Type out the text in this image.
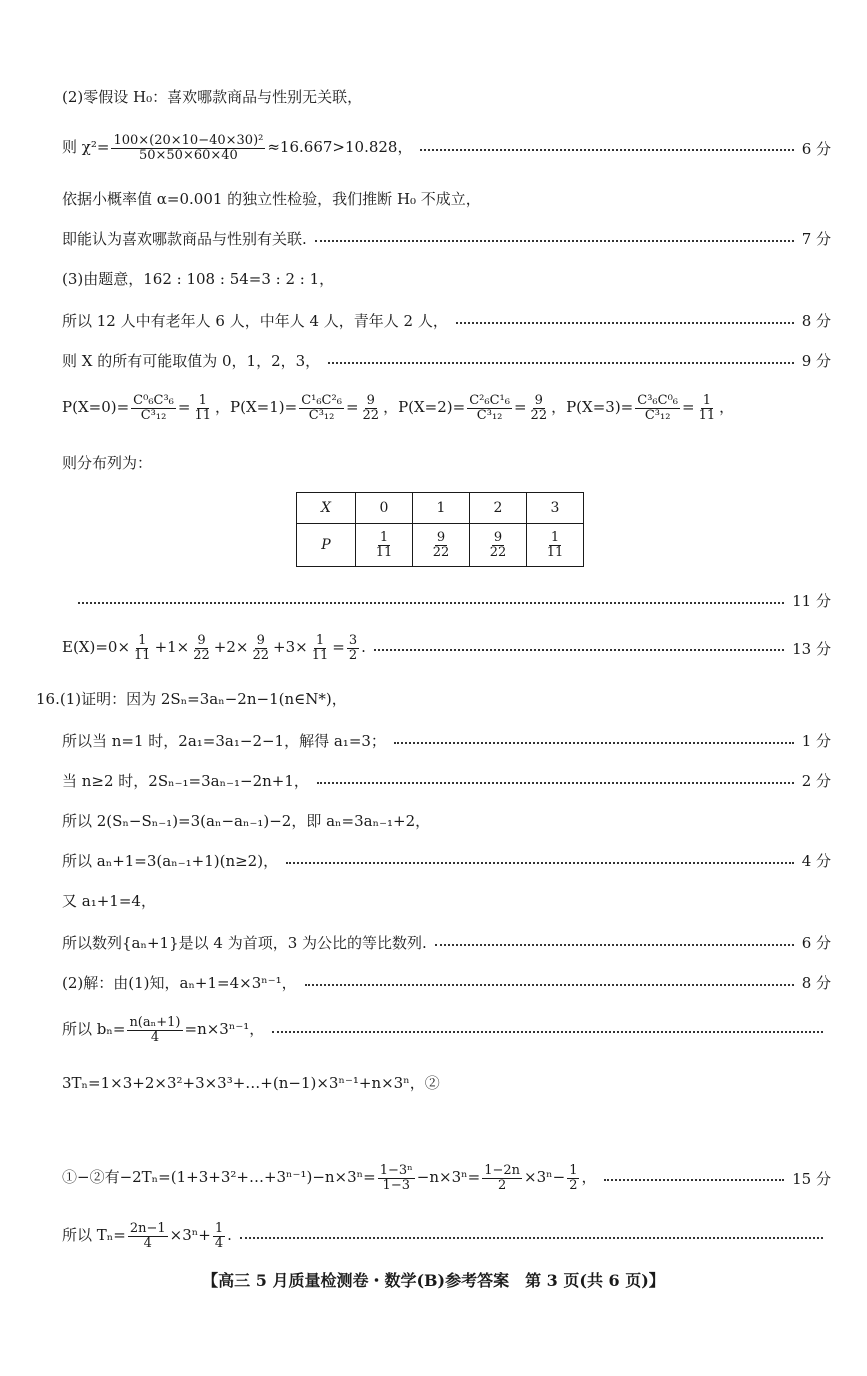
(2)零假设 H₀：喜欢哪款商品与性别无关联，
则 $\chi^2= \frac{\text{100×(20×10−40×30)²}}{50\times 50\times 60\times 40} \approx 16.667>10.828$，	6 分
依据小概率值 α=0.001 的独立性检验，我们推断 H₀ 不成立，
即能认为喜欢哪款商品与性别有关联.	7 分
(3)由题意，162 : 108 : 54=3 : 2 : 1，
所以 12 人中有老年人 6 人，中年人 4 人，青年人 2 人，	8 分
则 X 的所有可能取值为 0，1，2，3，	9 分
$P(X=0)= \frac{\text{C⁰₆C³₆}}{\text{C³₁₂}} = \frac{1}{11}$ ，$P(X=1)= \frac{\text{C¹₆C²₆}}{\text{C³₁₂}} = \frac{9}{22}$ ，$P(X=2)= \frac{\text{C²₆C¹₆}}{\text{C³₁₂}} = \frac{9}{22}$ ，$P(X=3)= \frac{\text{C³₆C⁰₆}}{\text{C³₁₂}} = \frac{1}{11}$ ，
则分布列为：
X	0	1	2	3
P	$\frac{1}{11}$	$\frac{9}{22}$	$\frac{9}{22}$	$\frac{1}{11}$
11 分
$E(X)=0\times \frac{1}{11} +1\times \frac{9}{22} +2\times \frac{9}{22} +3\times \frac{1}{11} = \frac{3}{2}$ .	13 分
16.(1)证明：因为 2Sₙ=3aₙ−2n−1(n∈N*)，
所以当 n=1 时，2a₁=3a₁−2−1，解得 a₁=3；	1 分
当 n≥2 时，2Sₙ₋₁=3aₙ₋₁−2n+1，	2 分
所以 2(Sₙ−Sₙ₋₁)=3(aₙ−aₙ₋₁)−2，即 aₙ=3aₙ₋₁+2，
所以 aₙ+1=3(aₙ₋₁+1)(n≥2)，	4 分
又 a₁+1=4，
所以数列{aₙ+1}是以 4 为首项，3 为公比的等比数列.	6 分
(2)解：由(1)知，aₙ+1=4×3ⁿ⁻¹，	8 分
所以 $b_n= \frac{\text{n(aₙ+1)}}{4} =n\times 3^{n-1}$，
3Tₙ=1×3+2×3²+3×3³+…+(n−1)×3ⁿ⁻¹+n×3ⁿ，②
①−②有−2Tₙ=(1+3+3²+…+3ⁿ⁻¹)−n×3ⁿ= $\frac{\text{1−3ⁿ}}{1-3} -n\times 3^n= \frac{1-2n}{2} \times 3^n- \frac{1}{2}$ ，	15 分
所以 $T_n= \frac{2n-1}{4} \times 3^n+ \frac{1}{4}$ .
【高三 5 月质量检测卷・数学(B)参考答案　第 3 页(共 6 页)】
